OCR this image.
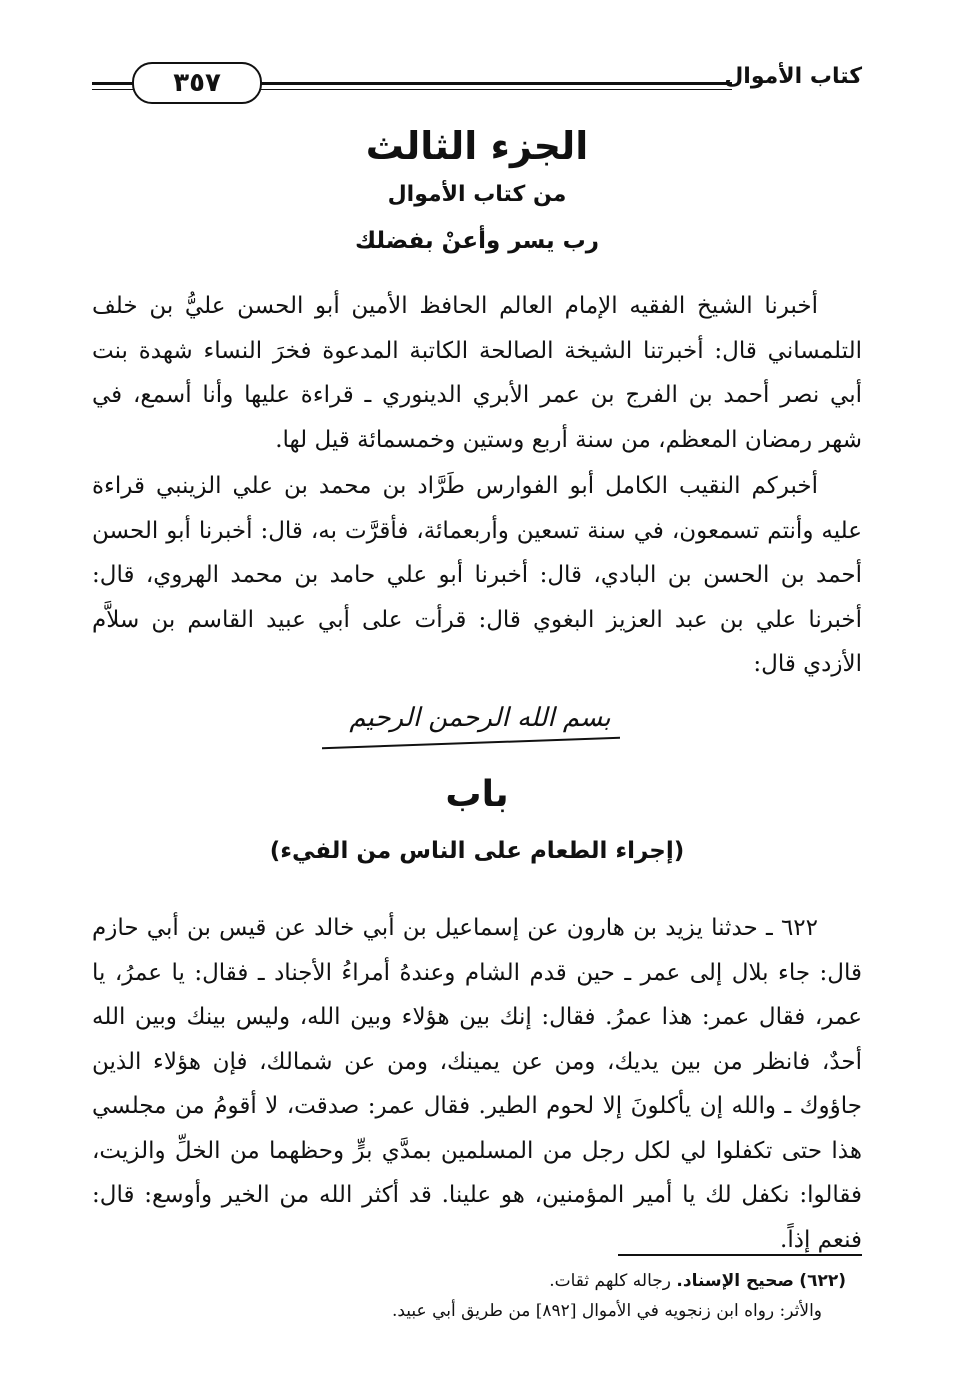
كتاب الأموال
٣٥٧
الجزء الثالث
من كتاب الأموال
رب يسر وأعنْ بفضلك

أخبرنا الشيخ الفقيه الإمام العالم الحافظ الأمين أبو الحسن عليُّ بن خلف التلمساني قال: أخبرتنا الشيخة الصالحة الكاتبة المدعوة فخرَ النساء شهدة بنت أبي نصر أحمد بن الفرج بن عمر الأبري الدينوري ـ قراءة عليها وأنا أسمع، في شهر رمضان المعظم، من سنة أربع وستين وخمسمائة قيل لها.

أخبركم النقيب الكامل أبو الفوارس طَرَّاد بن محمد بن علي الزينبي قراءة عليه وأنتم تسمعون، في سنة تسعين وأربعمائة، فأقرَّت به، قال: أخبرنا أبو الحسن أحمد بن الحسن بن البادي، قال: أخبرنا أبو علي حامد بن محمد الهروي، قال: أخبرنا علي بن عبد العزيز البغوي قال: قرأت على أبي عبيد القاسم بن سلاَّم الأزدي قال:

بسم الله الرحمن الرحيم
باب
(إجراء الطعام على الناس من الفيء)

٦٢٢ ـ حدثنا يزيد بن هارون عن إسماعيل بن أبي خالد عن قيس بن أبي حازم قال: جاء بلال إلى عمر ـ حين قدم الشام وعندهُ أمراءُ الأجناد ـ فقال: يا عمرُ، يا عمر، فقال عمر: هذا عمرُ. فقال: إنك بين هؤلاء وبين الله، وليس بينك وبين الله أحدٌ، فانظر من بين يديك، ومن عن يمينك، ومن عن شمالك، فإن هؤلاء الذين جاؤوك ـ والله إن يأكلونَ إلا لحوم الطير. فقال عمر: صدقت، لا أقومُ من مجلسي هذا حتى تكفلوا لي لكل رجل من المسلمين بمدَّي برٍّ وحظهما من الخلِّ والزيت، فقالوا: نكفل لك يا أمير المؤمنين، هو علينا. قد أكثر الله من الخير وأوسع: قال: فنعم إذاً.

(٦٢٢) صحيح الإسناد. رجاله كلهم ثقات.

والأثر: رواه ابن زنجويه في الأموال [٨٩٢] من طريق أبي عبيد.
